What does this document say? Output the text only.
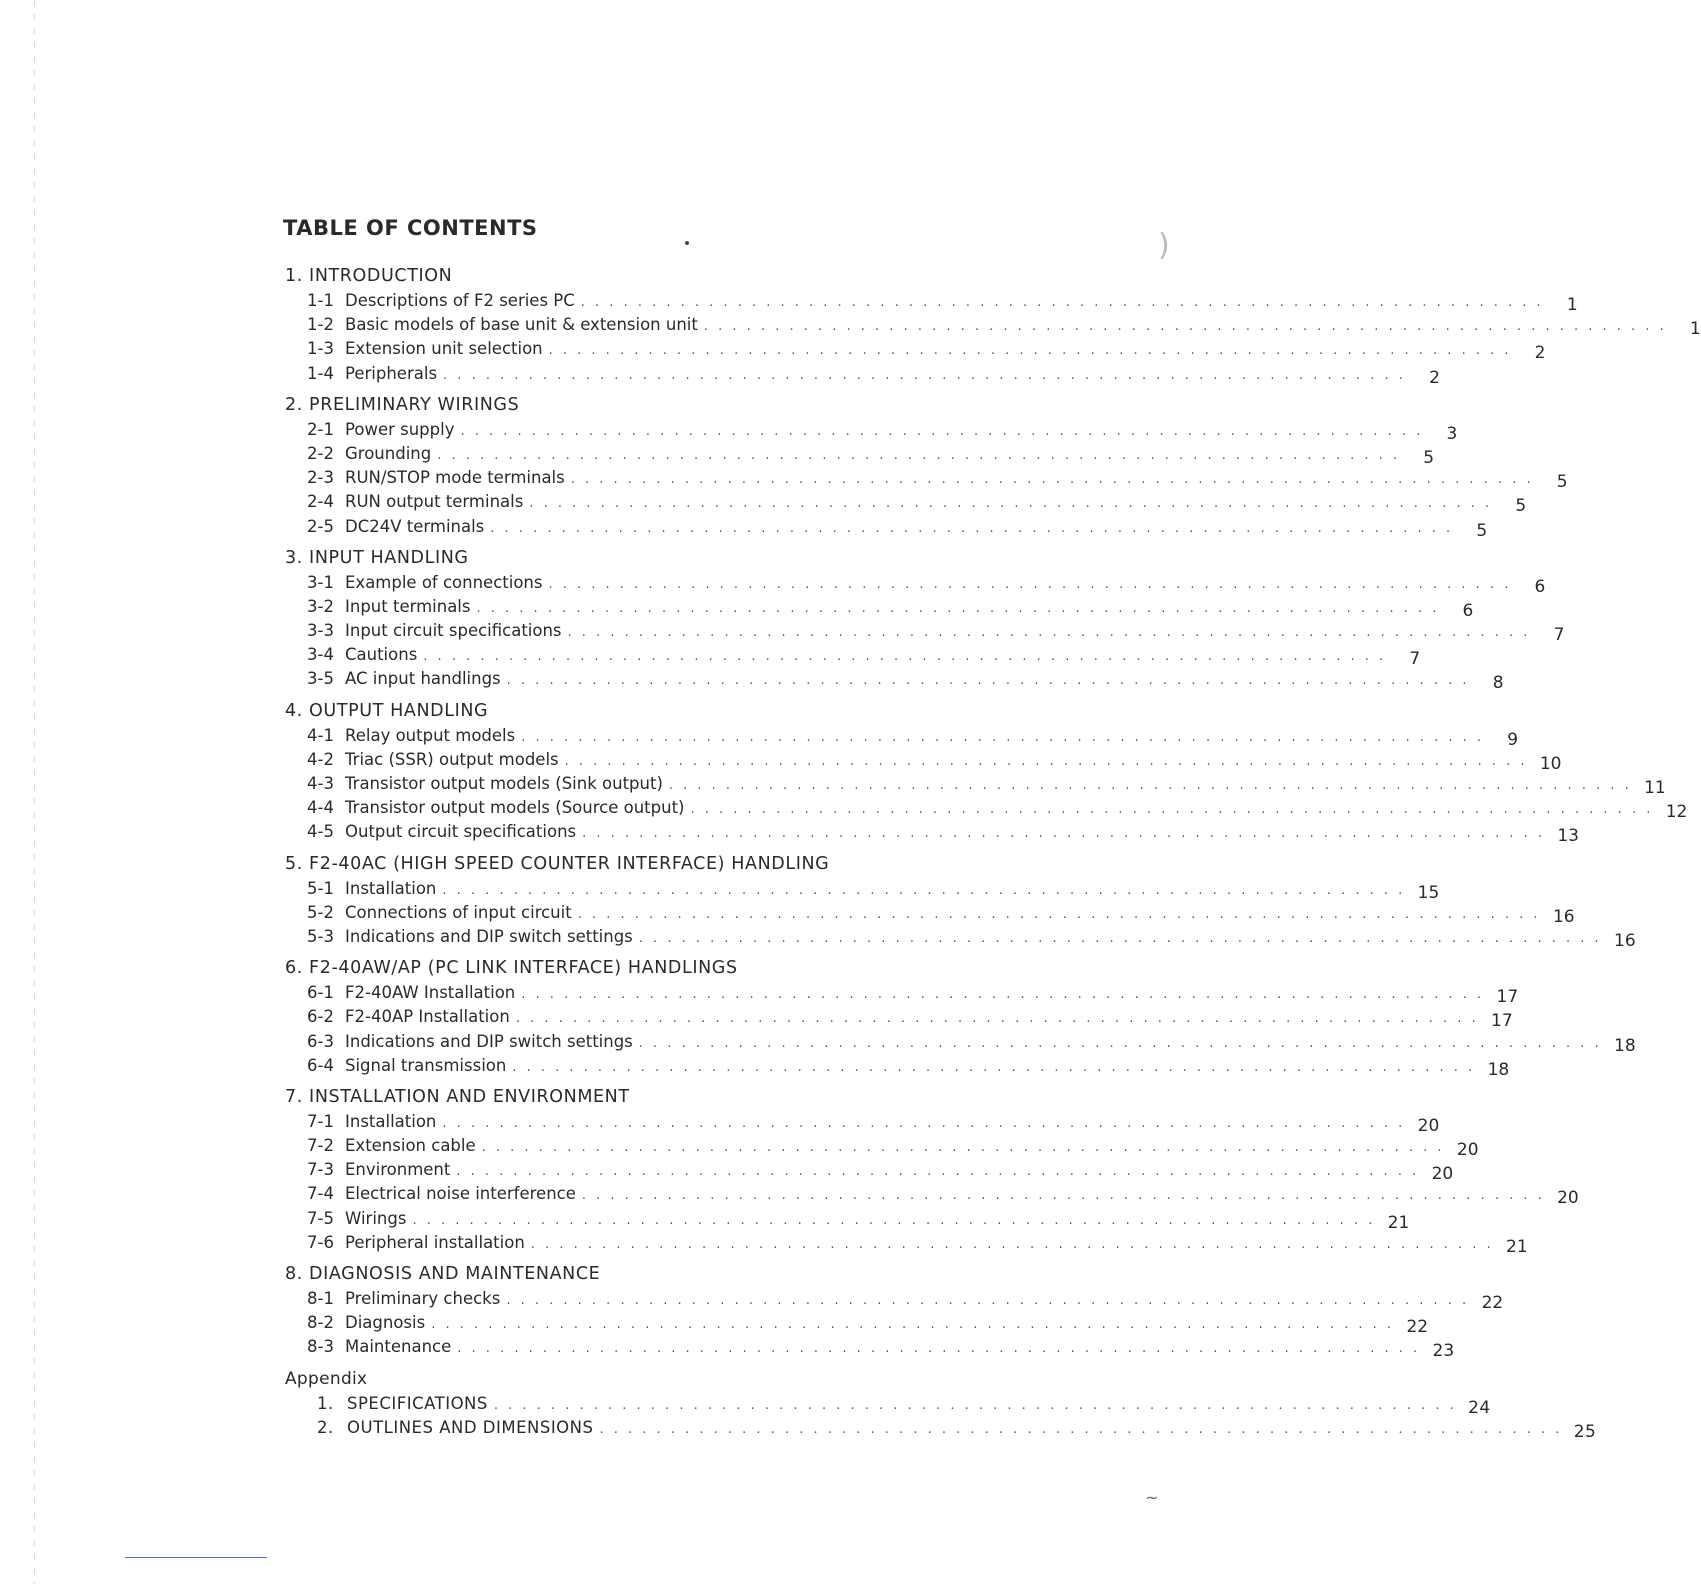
TABLE OF CONTENTS
1. INTRODUCTION
1-1 Descriptions of F2 series PC . . . . . . . . . . . . . . . . . . . . . . . . . . . . . . . . . . . . . . . . . . . . . . . . . . . . . . . . . . . . . . . . . . . .	1
1-2 Basic models of base unit & extension unit . . . . . . . . . . . . . . . . . . . . . . . . . . . . . . . . . . . . . . . . . . . . . . . . . . . . . . . . . . . . . . . . . . . .	1
1-3 Extension unit selection . . . . . . . . . . . . . . . . . . . . . . . . . . . . . . . . . . . . . . . . . . . . . . . . . . . . . . . . . . . . . . . . . . . .	2
1-4 Peripherals . . . . . . . . . . . . . . . . . . . . . . . . . . . . . . . . . . . . . . . . . . . . . . . . . . . . . . . . . . . . . . . . . . . .	2
2. PRELIMINARY WIRINGS
2-1 Power supply . . . . . . . . . . . . . . . . . . . . . . . . . . . . . . . . . . . . . . . . . . . . . . . . . . . . . . . . . . . . . . . . . . . .	3
2-2 Grounding . . . . . . . . . . . . . . . . . . . . . . . . . . . . . . . . . . . . . . . . . . . . . . . . . . . . . . . . . . . . . . . . . . . .	5
2-3 RUN/STOP mode terminals . . . . . . . . . . . . . . . . . . . . . . . . . . . . . . . . . . . . . . . . . . . . . . . . . . . . . . . . . . . . . . . . . . . .	5
2-4 RUN output terminals . . . . . . . . . . . . . . . . . . . . . . . . . . . . . . . . . . . . . . . . . . . . . . . . . . . . . . . . . . . . . . . . . . . .	5
2-5 DC24V terminals . . . . . . . . . . . . . . . . . . . . . . . . . . . . . . . . . . . . . . . . . . . . . . . . . . . . . . . . . . . . . . . . . . . .	5
3. INPUT HANDLING
3-1 Example of connections . . . . . . . . . . . . . . . . . . . . . . . . . . . . . . . . . . . . . . . . . . . . . . . . . . . . . . . . . . . . . . . . . . . .	6
3-2 Input terminals . . . . . . . . . . . . . . . . . . . . . . . . . . . . . . . . . . . . . . . . . . . . . . . . . . . . . . . . . . . . . . . . . . . .	6
3-3 Input circuit specifications . . . . . . . . . . . . . . . . . . . . . . . . . . . . . . . . . . . . . . . . . . . . . . . . . . . . . . . . . . . . . . . . . . . .	7
3-4 Cautions . . . . . . . . . . . . . . . . . . . . . . . . . . . . . . . . . . . . . . . . . . . . . . . . . . . . . . . . . . . . . . . . . . . .	7
3-5 AC input handlings . . . . . . . . . . . . . . . . . . . . . . . . . . . . . . . . . . . . . . . . . . . . . . . . . . . . . . . . . . . . . . . . . . . .	8
4. OUTPUT HANDLING
4-1 Relay output models . . . . . . . . . . . . . . . . . . . . . . . . . . . . . . . . . . . . . . . . . . . . . . . . . . . . . . . . . . . . . . . . . . . .	9
4-2 Triac (SSR) output models . . . . . . . . . . . . . . . . . . . . . . . . . . . . . . . . . . . . . . . . . . . . . . . . . . . . . . . . . . . . . . . . . . . . 10
4-3 Transistor output models (Sink output) . . . . . . . . . . . . . . . . . . . . . . . . . . . . . . . . . . . . . . . . . . . . . . . . . . . . . . . . . . . . . . . . . . . . 11
4-4 Transistor output models (Source output) . . . . . . . . . . . . . . . . . . . . . . . . . . . . . . . . . . . . . . . . . . . . . . . . . . . . . . . . . . . . . . . . . . . . 12
4-5 Output circuit specifications . . . . . . . . . . . . . . . . . . . . . . . . . . . . . . . . . . . . . . . . . . . . . . . . . . . . . . . . . . . . . . . . . . . . 13
5. F2-40AC (HIGH SPEED COUNTER INTERFACE) HANDLING
5-1 Installation . . . . . . . . . . . . . . . . . . . . . . . . . . . . . . . . . . . . . . . . . . . . . . . . . . . . . . . . . . . . . . . . . . . . 15
5-2 Connections of input circuit . . . . . . . . . . . . . . . . . . . . . . . . . . . . . . . . . . . . . . . . . . . . . . . . . . . . . . . . . . . . . . . . . . . . 16
5-3 Indications and DIP switch settings . . . . . . . . . . . . . . . . . . . . . . . . . . . . . . . . . . . . . . . . . . . . . . . . . . . . . . . . . . . . . . . . . . . . 16
6. F2-40AW/AP (PC LINK INTERFACE) HANDLINGS
6-1 F2-40AW Installation . . . . . . . . . . . . . . . . . . . . . . . . . . . . . . . . . . . . . . . . . . . . . . . . . . . . . . . . . . . . . . . . . . . . 17
6-2 F2-40AP Installation . . . . . . . . . . . . . . . . . . . . . . . . . . . . . . . . . . . . . . . . . . . . . . . . . . . . . . . . . . . . . . . . . . . . 17
6-3 Indications and DIP switch settings . . . . . . . . . . . . . . . . . . . . . . . . . . . . . . . . . . . . . . . . . . . . . . . . . . . . . . . . . . . . . . . . . . . . 18
6-4 Signal transmission . . . . . . . . . . . . . . . . . . . . . . . . . . . . . . . . . . . . . . . . . . . . . . . . . . . . . . . . . . . . . . . . . . . . 18
7. INSTALLATION AND ENVIRONMENT
7-1 Installation . . . . . . . . . . . . . . . . . . . . . . . . . . . . . . . . . . . . . . . . . . . . . . . . . . . . . . . . . . . . . . . . . . . . 20
7-2 Extension cable . . . . . . . . . . . . . . . . . . . . . . . . . . . . . . . . . . . . . . . . . . . . . . . . . . . . . . . . . . . . . . . . . . . . 20
7-3 Environment . . . . . . . . . . . . . . . . . . . . . . . . . . . . . . . . . . . . . . . . . . . . . . . . . . . . . . . . . . . . . . . . . . . . 20
7-4 Electrical noise interference . . . . . . . . . . . . . . . . . . . . . . . . . . . . . . . . . . . . . . . . . . . . . . . . . . . . . . . . . . . . . . . . . . . . 20
7-5 Wirings . . . . . . . . . . . . . . . . . . . . . . . . . . . . . . . . . . . . . . . . . . . . . . . . . . . . . . . . . . . . . . . . . . . . 21
7-6 Peripheral installation . . . . . . . . . . . . . . . . . . . . . . . . . . . . . . . . . . . . . . . . . . . . . . . . . . . . . . . . . . . . . . . . . . . . 21
8. DIAGNOSIS AND MAINTENANCE
8-1 Preliminary checks . . . . . . . . . . . . . . . . . . . . . . . . . . . . . . . . . . . . . . . . . . . . . . . . . . . . . . . . . . . . . . . . . . . . 22
8-2 Diagnosis . . . . . . . . . . . . . . . . . . . . . . . . . . . . . . . . . . . . . . . . . . . . . . . . . . . . . . . . . . . . . . . . . . . . 22
8-3 Maintenance . . . . . . . . . . . . . . . . . . . . . . . . . . . . . . . . . . . . . . . . . . . . . . . . . . . . . . . . . . . . . . . . . . . . 23
Appendix
1. SPECIFICATIONS . . . . . . . . . . . . . . . . . . . . . . . . . . . . . . . . . . . . . . . . . . . . . . . . . . . . . . . . . . . . . . . . . . . . 24
2. OUTLINES AND DIMENSIONS . . . . . . . . . . . . . . . . . . . . . . . . . . . . . . . . . . . . . . . . . . . . . . . . . . . . . . . . . . . . . . . . . . . . 25
)
~
